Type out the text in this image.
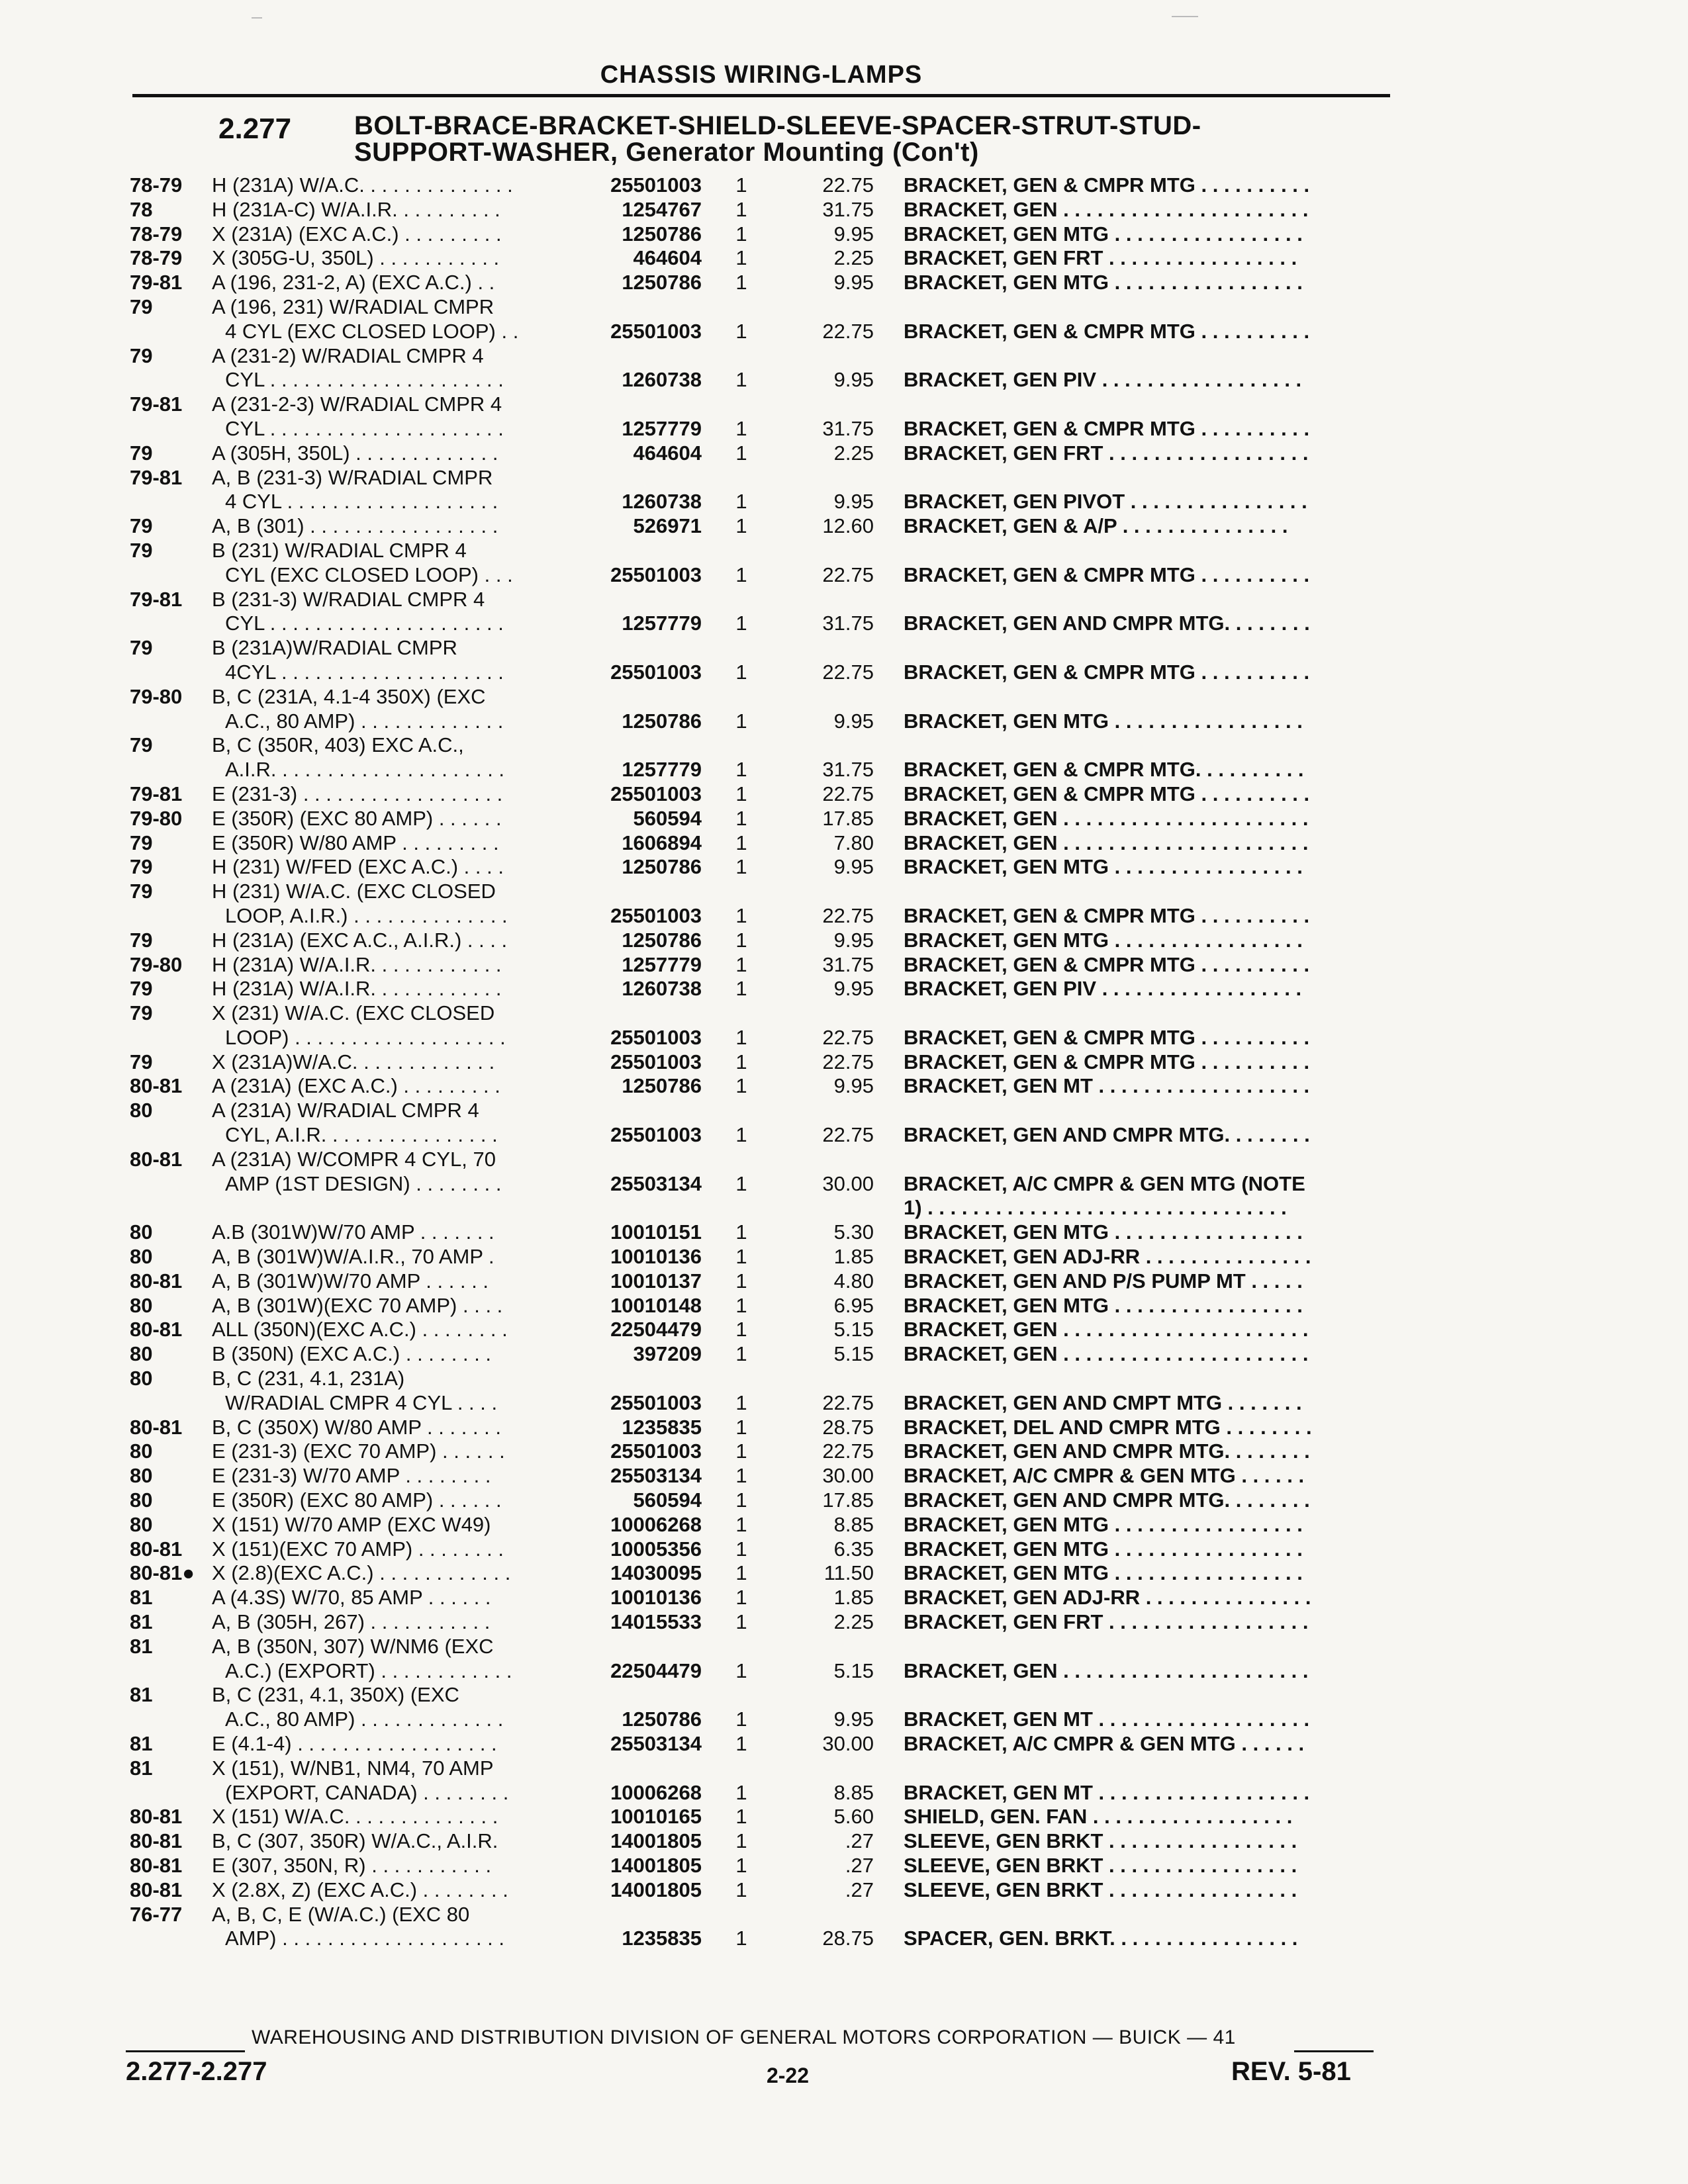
CHASSIS WIRING-LAMPS
2.277 BOLT-BRACE-BRACKET-SHIELD-SLEEVE-SPACER-STRUT-STUD-
SUPPORT-WASHER, Generator Mounting (Con't)
78-79	H (231A) W/A.C. . . . . . . . . . . . . .	25501003 1	22.75 BRACKET, GEN & CMPR MTG . . . . . . . . . .
78	H (231A-C) W/A.I.R. . . . . . . . . .	1254767 1	31.75 BRACKET, GEN . . . . . . . . . . . . . . . . . . . . . .
78-79	X (231A) (EXC A.C.) . . . . . . . . .	1250786 1	9.95 BRACKET, GEN MTG . . . . . . . . . . . . . . . . .
78-79	X (305G-U, 350L) . . . . . . . . . . .	464604 1	2.25 BRACKET, GEN FRT . . . . . . . . . . . . . . . . .
79-81	A (196, 231-2, A) (EXC A.C.) . .	1250786 1	9.95 BRACKET, GEN MTG . . . . . . . . . . . . . . . . .
79	A (196, 231) W/RADIAL CMPR
4 CYL (EXC CLOSED LOOP) . .	25501003 1	22.75 BRACKET, GEN & CMPR MTG . . . . . . . . . .
79	A (231-2) W/RADIAL CMPR 4
CYL . . . . . . . . . . . . . . . . . . . . .	1260738 1	9.95 BRACKET, GEN PIV . . . . . . . . . . . . . . . . . .
79-81	A (231-2-3) W/RADIAL CMPR 4
CYL . . . . . . . . . . . . . . . . . . . . .	1257779 1	31.75 BRACKET, GEN & CMPR MTG . . . . . . . . . .
79	A (305H, 350L) . . . . . . . . . . . . .	464604 1	2.25 BRACKET, GEN FRT . . . . . . . . . . . . . . . . . .
79-81	A, B (231-3) W/RADIAL CMPR
4 CYL . . . . . . . . . . . . . . . . . . .	1260738 1	9.95 BRACKET, GEN PIVOT . . . . . . . . . . . . . . . .
79	A, B (301) . . . . . . . . . . . . . . . . .	526971 1	12.60 BRACKET, GEN & A/P . . . . . . . . . . . . . . .
79	B (231) W/RADIAL CMPR 4
CYL (EXC CLOSED LOOP) . . .	25501003 1	22.75 BRACKET, GEN & CMPR MTG . . . . . . . . . .
79-81	B (231-3) W/RADIAL CMPR 4
CYL . . . . . . . . . . . . . . . . . . . . .	1257779 1	31.75 BRACKET, GEN AND CMPR MTG. . . . . . . .
79	B (231A)W/RADIAL CMPR
4CYL . . . . . . . . . . . . . . . . . . . .	25501003 1	22.75 BRACKET, GEN & CMPR MTG . . . . . . . . . .
79-80	B, C (231A, 4.1-4 350X) (EXC
A.C., 80 AMP) . . . . . . . . . . . . .	1250786 1	9.95 BRACKET, GEN MTG . . . . . . . . . . . . . . . . .
79	B, C (350R, 403) EXC A.C.,
A.I.R. . . . . . . . . . . . . . . . . . . . .	1257779 1	31.75 BRACKET, GEN & CMPR MTG. . . . . . . . . .
79-81	E (231-3) . . . . . . . . . . . . . . . . . .	25501003 1	22.75 BRACKET, GEN & CMPR MTG . . . . . . . . . .
79-80	E (350R) (EXC 80 AMP) . . . . . .	560594 1	17.85 BRACKET, GEN . . . . . . . . . . . . . . . . . . . . . .
79	E (350R) W/80 AMP . . . . . . . . .	1606894 1	7.80 BRACKET, GEN . . . . . . . . . . . . . . . . . . . . . .
79	H (231) W/FED (EXC A.C.) . . . .	1250786 1	9.95 BRACKET, GEN MTG . . . . . . . . . . . . . . . . .
79	H (231) W/A.C. (EXC CLOSED
LOOP, A.I.R.) . . . . . . . . . . . . . .	25501003 1	22.75 BRACKET, GEN & CMPR MTG . . . . . . . . . .
79	H (231A) (EXC A.C., A.I.R.) . . . .	1250786 1	9.95 BRACKET, GEN MTG . . . . . . . . . . . . . . . . .
79-80	H (231A) W/A.I.R. . . . . . . . . . . .	1257779 1	31.75 BRACKET, GEN & CMPR MTG . . . . . . . . . .
79	H (231A) W/A.I.R. . . . . . . . . . . .	1260738 1	9.95 BRACKET, GEN PIV . . . . . . . . . . . . . . . . . .
79	X (231) W/A.C. (EXC CLOSED
LOOP) . . . . . . . . . . . . . . . . . . .	25501003 1	22.75 BRACKET, GEN & CMPR MTG . . . . . . . . . .
79	X (231A)W/A.C. . . . . . . . . . . . .	25501003 1	22.75 BRACKET, GEN & CMPR MTG . . . . . . . . . .
80-81	A (231A) (EXC A.C.) . . . . . . . . .	1250786 1	9.95 BRACKET, GEN MT . . . . . . . . . . . . . . . . . . .
80	A (231A) W/RADIAL CMPR 4
CYL, A.I.R. . . . . . . . . . . . . . . .	25501003 1	22.75 BRACKET, GEN AND CMPR MTG. . . . . . . .
80-81	A (231A) W/COMPR 4 CYL, 70
AMP (1ST DESIGN) . . . . . . . .	25503134 1	30.00 BRACKET, A/C CMPR & GEN MTG (NOTE
1) . . . . . . . . . . . . . . . . . . . . . . . . . . . . . . . .
80	A.B (301W)W/70 AMP . . . . . . .	10010151 1	5.30 BRACKET, GEN MTG . . . . . . . . . . . . . . . . .
80	A, B (301W)W/A.I.R., 70 AMP .	10010136 1	1.85 BRACKET, GEN ADJ-RR . . . . . . . . . . . . . . .
80-81	A, B (301W)W/70 AMP . . . . . .	10010137 1	4.80 BRACKET, GEN AND P/S PUMP MT . . . . .
80	A, B (301W)(EXC 70 AMP) . . . .	10010148 1	6.95 BRACKET, GEN MTG . . . . . . . . . . . . . . . . .
80-81	ALL (350N)(EXC A.C.) . . . . . . . .	22504479 1	5.15 BRACKET, GEN . . . . . . . . . . . . . . . . . . . . . .
80	B (350N) (EXC A.C.) . . . . . . . .	397209 1	5.15 BRACKET, GEN . . . . . . . . . . . . . . . . . . . . . .
80	B, C (231, 4.1, 231A)
W/RADIAL CMPR 4 CYL . . . .	25501003 1	22.75 BRACKET, GEN AND CMPT MTG . . . . . . .
80-81	B, C (350X) W/80 AMP . . . . . . .	1235835 1	28.75 BRACKET, DEL AND CMPR MTG . . . . . . . .
80	E (231-3) (EXC 70 AMP) . . . . . .	25501003 1	22.75 BRACKET, GEN AND CMPR MTG. . . . . . . .
80	E (231-3) W/70 AMP . . . . . . . .	25503134 1	30.00 BRACKET, A/C CMPR & GEN MTG . . . . . .
80	E (350R) (EXC 80 AMP) . . . . . .	560594 1	17.85 BRACKET, GEN AND CMPR MTG. . . . . . . .
80	X (151) W/70 AMP (EXC W49)	10006268 1	8.85 BRACKET, GEN MTG . . . . . . . . . . . . . . . . .
80-81	X (151)(EXC 70 AMP) . . . . . . . .	10005356 1	6.35 BRACKET, GEN MTG . . . . . . . . . . . . . . . . .
80-81● X (2.8)(EXC A.C.) . . . . . . . . . . . .	14030095 1	11.50 BRACKET, GEN MTG . . . . . . . . . . . . . . . . .
81	A (4.3S) W/70, 85 AMP . . . . . .	10010136 1	1.85 BRACKET, GEN ADJ-RR . . . . . . . . . . . . . . .
81	A, B (305H, 267) . . . . . . . . . . .	14015533 1	2.25 BRACKET, GEN FRT . . . . . . . . . . . . . . . . . .
81	A, B (350N, 307) W/NM6 (EXC
A.C.) (EXPORT) . . . . . . . . . . . .	22504479 1	5.15 BRACKET, GEN . . . . . . . . . . . . . . . . . . . . . .
81	B, C (231, 4.1, 350X) (EXC
A.C., 80 AMP) . . . . . . . . . . . . .	1250786 1	9.95 BRACKET, GEN MT . . . . . . . . . . . . . . . . . . .
81	E (4.1-4) . . . . . . . . . . . . . . . . . .	25503134 1	30.00 BRACKET, A/C CMPR & GEN MTG . . . . . .
81	X (151), W/NB1, NM4, 70 AMP
(EXPORT, CANADA) . . . . . . . .	10006268 1	8.85 BRACKET, GEN MT . . . . . . . . . . . . . . . . . . .
80-81	X (151) W/A.C. . . . . . . . . . . . . .	10010165 1	5.60 SHIELD, GEN. FAN . . . . . . . . . . . . . . . . . .
80-81	B, C (307, 350R) W/A.C., A.I.R.	14001805 1	.27 SLEEVE, GEN BRKT . . . . . . . . . . . . . . . . .
80-81	E (307, 350N, R) . . . . . . . . . . .	14001805 1	.27 SLEEVE, GEN BRKT . . . . . . . . . . . . . . . . .
80-81	X (2.8X, Z) (EXC A.C.) . . . . . . . .	14001805 1	.27 SLEEVE, GEN BRKT . . . . . . . . . . . . . . . . .
76-77	A, B, C, E (W/A.C.) (EXC 80
AMP) . . . . . . . . . . . . . . . . . . . .	1235835 1	28.75 SPACER, GEN. BRKT. . . . . . . . . . . . . . . . .
WAREHOUSING AND DISTRIBUTION DIVISION OF GENERAL MOTORS CORPORATION — BUICK — 41
2.277-2.277	2-22	REV. 5-81
